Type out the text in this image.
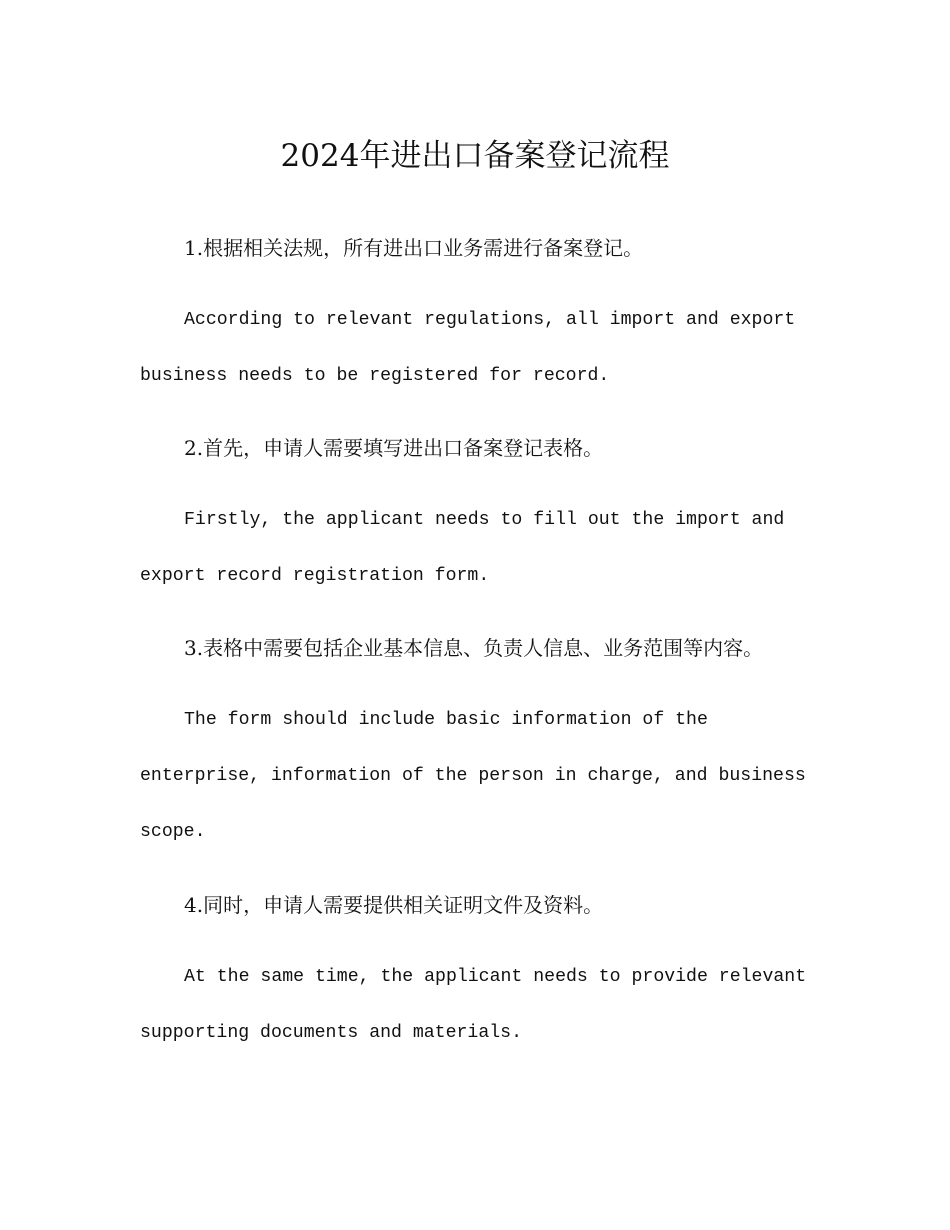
2024年进出口备案登记流程

1.根据相关法规，所有进出口业务需进行备案登记。

According to relevant regulations, all import and export
business needs to be registered for record.

2.首先，申请人需要填写进出口备案登记表格。

Firstly, the applicant needs to fill out the import and
export record registration form.

3.表格中需要包括企业基本信息、负责人信息、业务范围等内容。

The form should include basic information of the
enterprise, information of the person in charge, and business
scope.

4.同时，申请人需要提供相关证明文件及资料。

At the same time, the applicant needs to provide relevant
supporting documents and materials.
